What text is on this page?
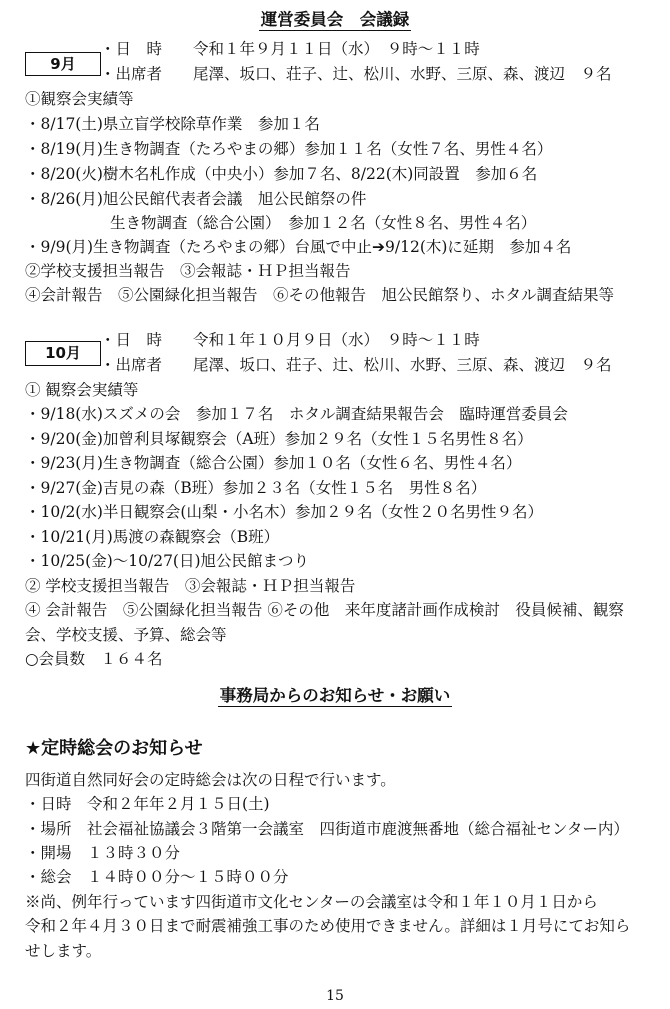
運営委員会　会議録
9月
・日　時　　令和１年９月１１日（水）　９時～１１時
・出席者　　尾澤、坂口、荘子、辻、松川、水野、三原、森、渡辺　９名
①観察会実績等
・8/17(土)県立盲学校除草作業　参加１名
・8/19(月)生き物調査（たろやまの郷）参加１１名（女性７名、男性４名）
・8/20(火)樹木名札作成（中央小）参加７名、8/22(木)同設置　参加６名
・8/26(月)旭公民館代表者会議　旭公民館祭の件
生き物調査（総合公園）　参加１２名（女性８名、男性４名）
・9/9(月)生き物調査（たろやまの郷）台風で中止➔9/12(木)に延期　参加４名
②学校支援担当報告　③会報誌・ＨＰ担当報告
④会計報告　⑤公園緑化担当報告　⑥その他報告　旭公民館祭り、ホタル調査結果等
10月
・日　時　　令和１年１０月９日（水）　９時～１１時
・出席者　　尾澤、坂口、荘子、辻、松川、水野、三原、森、渡辺　９名
① 観察会実績等
・9/18(水)スズメの会　参加１７名　ホタル調査結果報告会　臨時運営委員会
・9/20(金)加曾利貝塚観察会（A班）参加２９名（女性１５名男性８名）
・9/23(月)生き物調査（総合公園）参加１０名（女性６名、男性４名）
・9/27(金)吉見の森（B班）参加２３名（女性１５名　男性８名）
・10/2(水)半日観察会(山梨・小名木）参加２９名（女性２０名男性９名）
・10/21(月)馬渡の森観察会（B班）
・10/25(金)～10/27(日)旭公民館まつり
② 学校支援担当報告　③会報誌・ＨＰ担当報告
④ 会計報告　⑤公園緑化担当報告 ⑥その他　来年度諸計画作成検討　役員候補、観察
会、学校支援、予算、総会等
○会員数　１６４名
事務局からのお知らせ・お願い
★定時総会のお知らせ
四街道自然同好会の定時総会は次の日程で行います。
・日時　令和２年年２月１５日(土)
・場所　社会福祉協議会３階第一会議室　四街道市鹿渡無番地（総合福祉センター内）
・開場　１３時３０分
・総会　１４時００分～１５時００分
※尚、例年行っています四街道市文化センターの会議室は令和１年１０月１日から
令和２年４月３０日まで耐震補強工事のため使用できません。詳細は１月号にてお知ら
せします。
15
